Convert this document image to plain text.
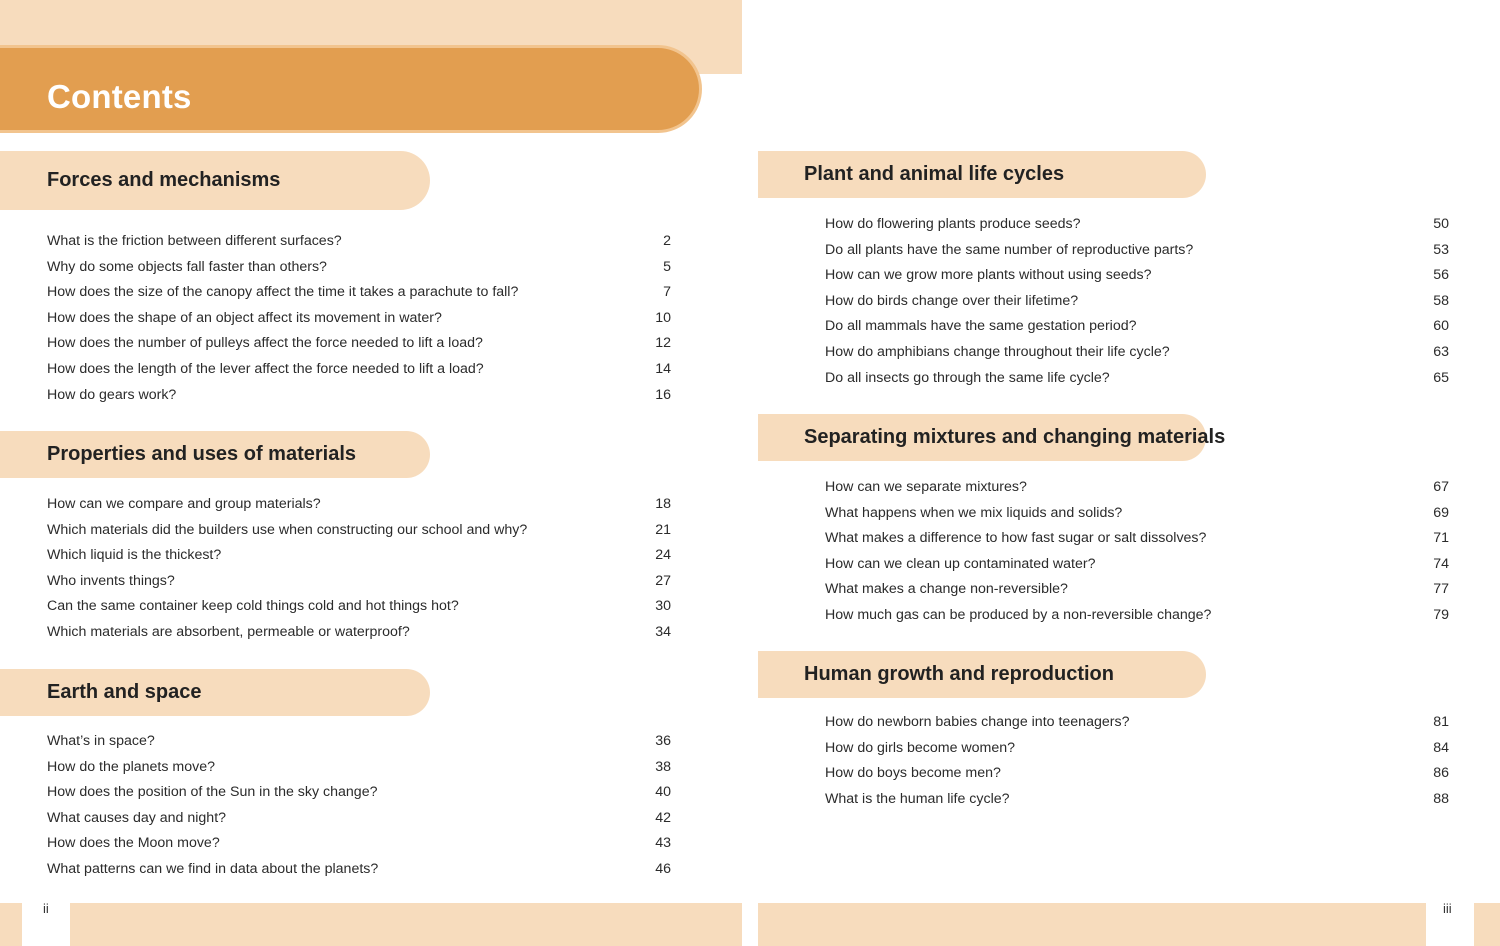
Contents
ii	iii
Forces and mechanisms
What is the friction between different surfaces?	2
Why do some objects fall faster than others?	5
How does the size of the canopy affect the time it takes a parachute to fall?	7
How does the shape of an object affect its movement in water?	10
How does the number of pulleys affect the force needed to lift a load?	12
How does the length of the lever affect the force needed to lift a load?	14
How do gears work?	16
Properties and uses of materials
How can we compare and group materials?	18
Which materials did the builders use when constructing our school and why?	21
Which liquid is the thickest?	24
Who invents things?	27
Can the same container keep cold things cold and hot things hot?	30
Which materials are absorbent, permeable or waterproof?	34
Earth and space
What’s in space?	36
How do the planets move?	38
How does the position of the Sun in the sky change?	40
What causes day and night?	42
How does the Moon move?	43
What patterns can we find in data about the planets?	46
Plant and animal life cycles
How do flowering plants produce seeds?	50
Do all plants have the same number of reproductive parts?	53
How can we grow more plants without using seeds?	56
How do birds change over their lifetime?	58
Do all mammals have the same gestation period?	60
How do amphibians change throughout their life cycle?	63
Do all insects go through the same life cycle?	65
Separating mixtures and changing materials
How can we separate mixtures?	67
What happens when we mix liquids and solids?	69
What makes a difference to how fast sugar or salt dissolves?	71
How can we clean up contaminated water?	74
What makes a change non-reversible?	77
How much gas can be produced by a non-reversible change?	79
Human growth and reproduction
How do newborn babies change into teenagers?	81
How do girls become women?	84
How do boys become men?	86
What is the human life cycle?	88
